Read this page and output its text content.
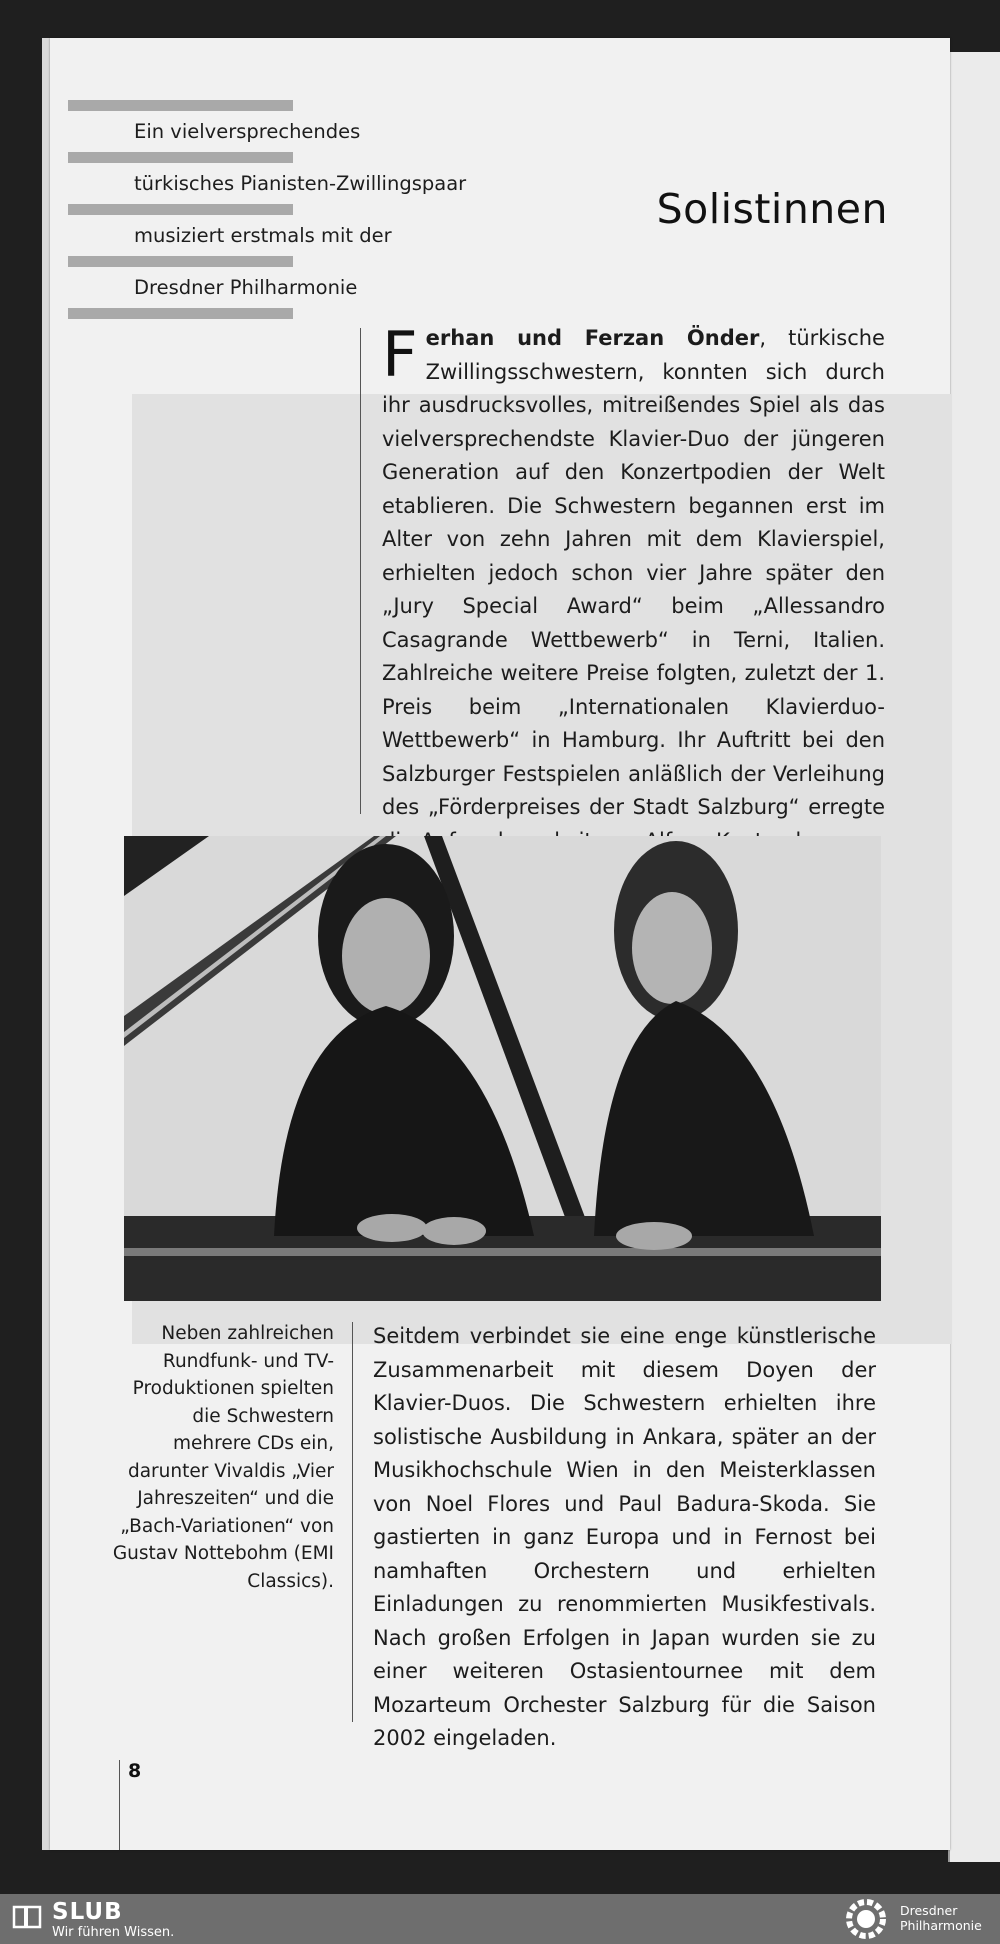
Ein vielversprechendes
türkisches Pianisten-Zwillingspaar
musiziert erstmals mit der
Dresdner Philharmonie
Solistinnen
Ferhan und Ferzan Önder, türkische Zwillingsschwestern, konnten sich durch ihr ausdrucksvolles, mitreißendes Spiel als das vielversprechendste Klavier-Duo der jüngeren Generation auf den Konzertpodien der Welt etablieren. Die Schwestern begannen erst im Alter von zehn Jahren mit dem Klavierspiel, erhielten jedoch schon vier Jahre später den „Jury Special Award“ beim „Allessandro Casagrande Wettbewerb“ in Terni, Italien. Zahlreiche weitere Preise folgten, zuletzt der 1. Preis beim „Internationalen Klavierduo-Wettbewerb“ in Hamburg. Ihr Auftritt bei den Salzburger Festspielen anläßlich der Verleihung des „Förderpreises der Stadt Salzburg“ erregte
Neben zahlreichen Rundfunk- und TV-Produktionen spielten die Schwestern mehrere CDs ein, darunter Vivaldis „Vier Jahreszeiten“ und die „Bach-Variationen“ von Gustav Nottebohm (EMI Classics).
Seitdem verbindet sie eine enge künstlerische Zusammenarbeit mit diesem Doyen der Klavier-Duos. Die Schwestern erhielten ihre solistische Ausbildung in Ankara, später an der Musikhochschule Wien in den Meisterklassen von Noel Flores und Paul Badura-Skoda. Sie gastierten in ganz Europa und in Fernost bei namhaften Orchestern und erhielten Einladungen zu renommierten Musikfestivals. Nach großen Erfolgen in Japan wurden sie zu einer weiteren Ostasientournee mit dem Mozarteum Orchester Salzburg für die Saison 2002 eingeladen.
8
SLUB
Wir führen Wissen.
Dresdner
Philharmonie
